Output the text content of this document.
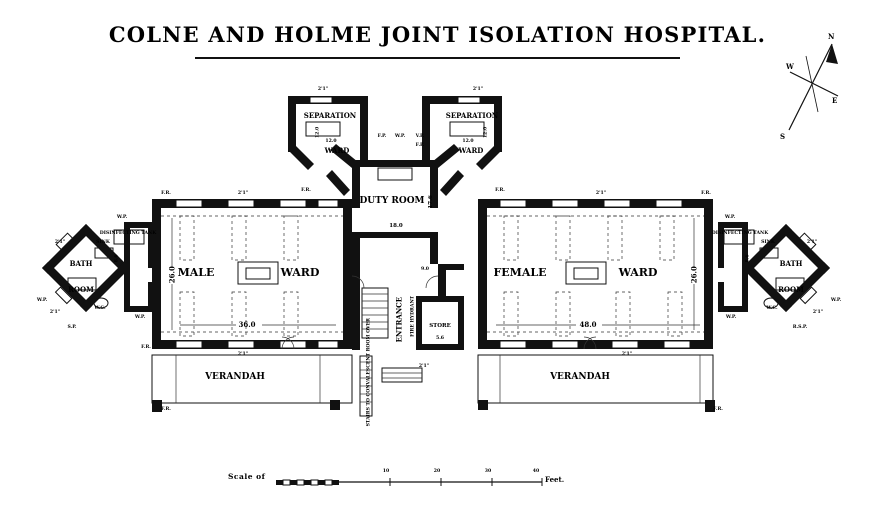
COLNE AND HOLME JOINT ISOLATION HOSPITAL.	N
E
S
W
MALE	WARD	FEMALE	WARD
DUTY ROOM
SEPARATION
WARD
SEPARATION
WARD
BATH
ROOM
BATH
ROOM
STORE
VERANDAH	VERANDAH
ENTRANCE
26.0
36.0
26.0
48.0
17.6
18.0
12.0
12.0
12.0
12.0
8.6	8.6
5.6
9.0
FIRE HYDRANT
STAIRS TO CONVALESCENT ROOM OVER
DISINFECTING TANK	DISINFECTING TANK
SINK	SINK
W.C.	W.C.
S.P.	R.S.P.
W.P.	W.P.
W.P.	W.P.
W.P.	W.P.
F.R.
F.R.	F.R.
F.R.
F.R.
F.R.	F.R.
F.P.	V.P.
W.P.
F.P.
2'1"	2'1"
2'1"	2'1"
2'1"	2'1"
2'1"	2'1"
2'1"	2'1"
2'1"
Scale of
10	20	30	40
Feet.
